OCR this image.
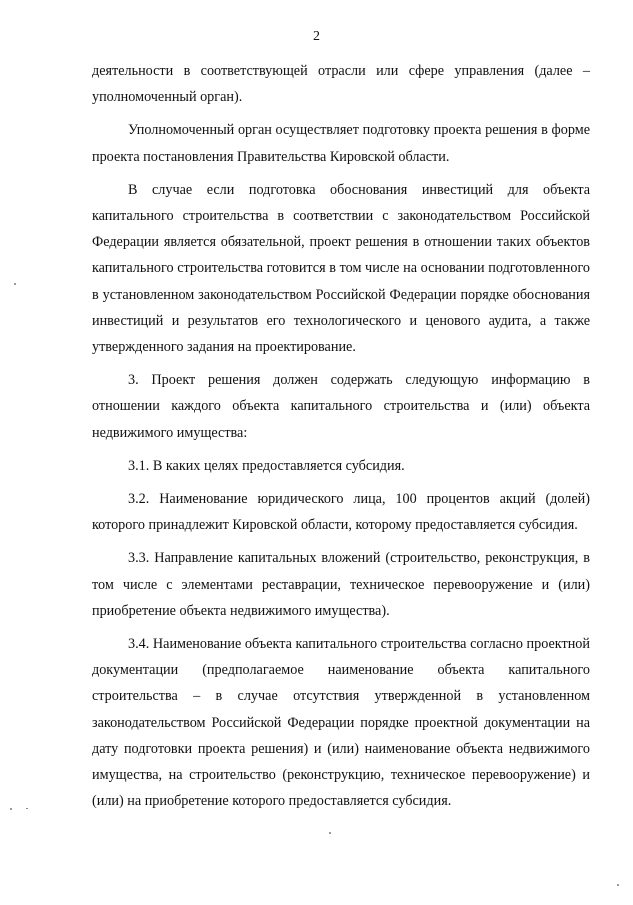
2

деятельности в соответствующей отрасли или сфере управления (далее – уполномоченный орган).

Уполномоченный орган осуществляет подготовку проекта решения в форме проекта постановления Правительства Кировской области.

В случае если подготовка обоснования инвестиций для объекта капитального строительства в соответствии с законодательством Российской Федерации является обязательной, проект решения в отношении таких объектов капитального строительства готовится в том числе на основании подготовленного в установленном законодательством Российской Федерации порядке обоснования инвестиций и результатов его технологического и ценового аудита, а также утвержденного задания на проектирование.

3. Проект решения должен содержать следующую информацию в отношении каждого объекта капитального строительства и (или) объекта недвижимого имущества:

3.1. В каких целях предоставляется субсидия.

3.2. Наименование юридического лица, 100 процентов акций (долей) которого принадлежит Кировской области, которому предоставляется субсидия.

3.3. Направление капитальных вложений (строительство, реконструкция, в том числе с элементами реставрации, техническое перевооружение и (или) приобретение объекта недвижимого имущества).

3.4. Наименование объекта капитального строительства согласно проектной документации (предполагаемое наименование объекта капитального строительства – в случае отсутствия утвержденной в установленном законодательством Российской Федерации порядке проектной документации на дату подготовки проекта решения) и (или) наименование объекта недвижимого имущества, на строительство (реконструкцию, техническое перевооружение) и (или) на приобретение которого предоставляется субсидия.
